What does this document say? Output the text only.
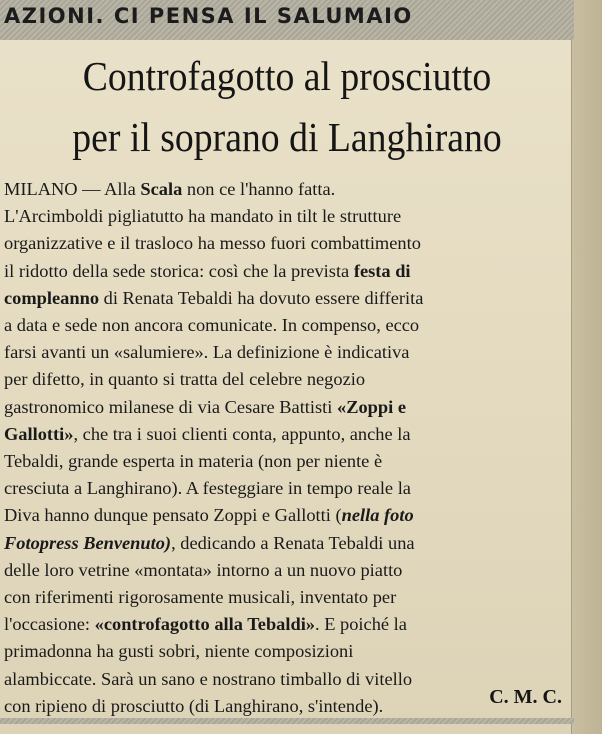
AZIONI. CI PENSA IL SALUMAIO

Controfagotto al prosciutto
per il soprano di Langhirano

MILANO — Alla Scala non ce l'hanno fatta.
L'Arcimboldi pigliatutto ha mandato in tilt le strutture
organizzative e il trasloco ha messo fuori combattimento
il ridotto della sede storica: così che la prevista festa di
compleanno di Renata Tebaldi ha dovuto essere differita
a data e sede non ancora comunicate. In compenso, ecco
farsi avanti un «salumiere». La definizione è indicativa
per difetto, in quanto si tratta del celebre negozio
gastronomico milanese di via Cesare Battisti «Zoppi e
Gallotti», che tra i suoi clienti conta, appunto, anche la
Tebaldi, grande esperta in materia (non per niente è
cresciuta a Langhirano). A festeggiare in tempo reale la
Diva hanno dunque pensato Zoppi e Gallotti (nella foto
Fotopress Benvenuto), dedicando a Renata Tebaldi una
delle loro vetrine «montata» intorno a un nuovo piatto
con riferimenti rigorosamente musicali, inventato per
l'occasione: «controfagotto alla Tebaldi». E poiché la
primadonna ha gusti sobri, niente composizioni
alambiccate. Sarà un sano e nostrano timballo di vitello
con ripieno di prosciutto (di Langhirano, s'intende).	C. M. C.
